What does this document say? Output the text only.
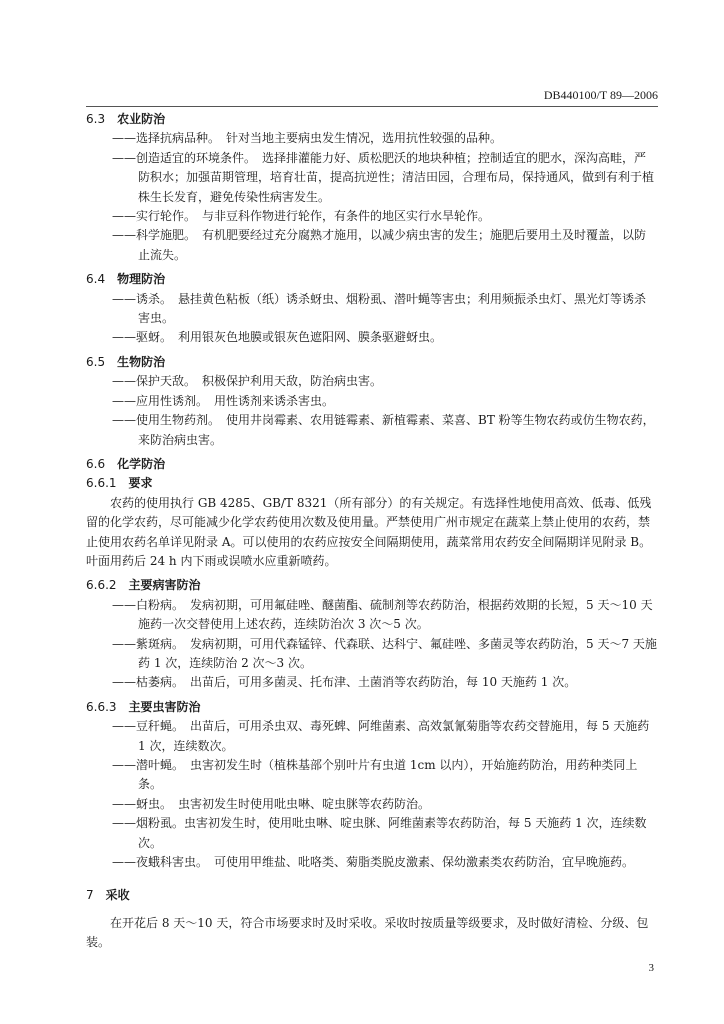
DB440100/T 89—2006
6.3 农业防治
——选择抗病品种。　 针对当地主要病虫发生情况，选用抗性较强的品种。
——创造适宜的环境条件。　 选择排灌能力好、质松肥沃的地块种植；控制适宜的肥水，深沟高畦，严防积水；加强苗期管理，培育壮苗，提高抗逆性；清洁田园，合理布局，保持通风，做到有利于植株生长发育，避免传染性病害发生。
——实行轮作。　 与非豆科作物进行轮作，有条件的地区实行水旱轮作。
——科学施肥。　 有机肥要经过充分腐熟才施用，以减少病虫害的发生；施肥后要用土及时覆盖，以防止流失。
6.4 物理防治
——诱杀。　 悬挂黄色粘板（纸）诱杀蚜虫、烟粉虱、潜叶蝇等害虫；利用频振杀虫灯、黑光灯等诱杀害虫。
——驱蚜。　 利用银灰色地膜或银灰色遮阳网、膜条驱避蚜虫。
6.5 生物防治
——保护天敌。　 积极保护利用天敌，防治病虫害。
——应用性诱剂。　 用性诱剂来诱杀害虫。
——使用生物药剂。　 使用井岗霉素、农用链霉素、新植霉素、菜喜、BT 粉等生物农药或仿生物农药，来防治病虫害。
6.6 化学防治
6.6.1 要求
农药的使用执行 GB 4285、GB/T 8321（所有部分）的有关规定。有选择性地使用高效、低毒、低残留的化学农药，尽可能减少化学农药使用次数及使用量。严禁使用广州市规定在蔬菜上禁止使用的农药，禁止使用农药名单详见附录 A。可以使用的农药应按安全间隔期使用，蔬菜常用农药安全间隔期详见附录 B。叶面用药后 24 h 内下雨或误喷水应重新喷药。
6.6.2 主要病害防治
——白粉病。　 发病初期，可用氟硅唑、醚菌酯、硫制剂等农药防治，根据药效期的长短，5 天～10 天施药一次交替使用上述农药，连续防治次 3 次～5 次。
——紫斑病。　 发病初期，可用代森锰锌、代森联、达科宁、氟硅唑、多菌灵等农药防治，5 天～7 天施药 1 次，连续防治 2 次～3 次。
——枯萎病。　 出苗后，可用多菌灵、托布津、土菌消等农药防治，每 10 天施药 1 次。
6.6.3 主要虫害防治
——豆秆蝇。　 出苗后，可用杀虫双、毒死蜱、阿维菌素、高效氯氰菊脂等农药交替施用，每 5 天施药 1 次，连续数次。
——潜叶蝇。　 虫害初发生时（植株基部个别叶片有虫道 1cm 以内），开始施药防治，用药种类同上条。
——蚜虫。　 虫害初发生时使用吡虫啉、啶虫脒等农药防治。
——烟粉虱。虫害初发生时，使用吡虫啉、啶虫脒、阿维菌素等农药防治，每 5 天施药 1 次，连续数次。
——夜蛾科害虫。　 可使用甲维盐、吡咯类、菊脂类脱皮激素、保幼激素类农药防治，宜早晚施药。
7 采收
在开花后 8 天～10 天，符合市场要求时及时采收。采收时按质量等级要求，及时做好清检、分级、包装。
3
